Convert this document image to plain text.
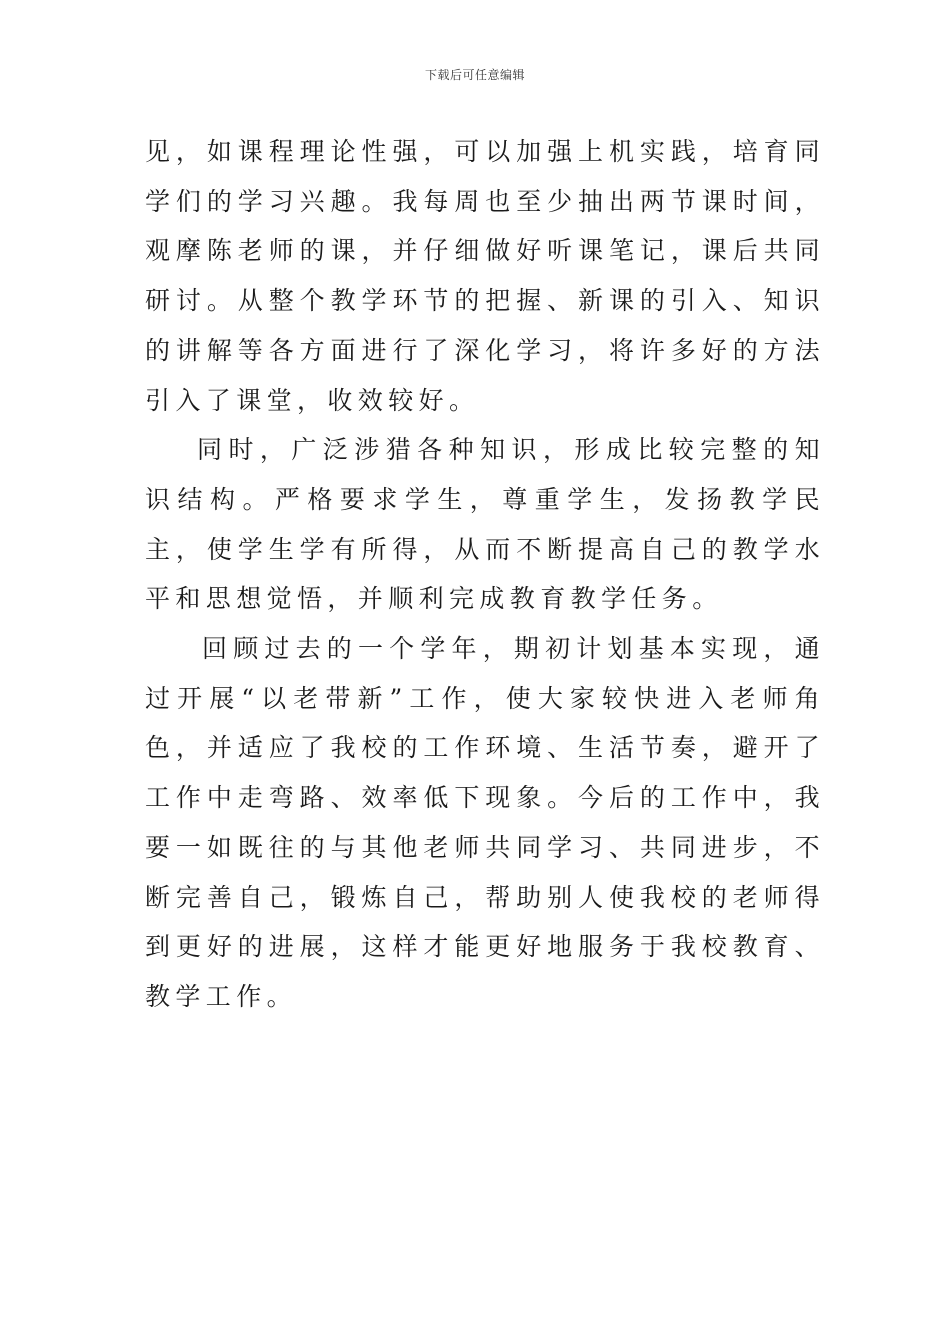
下载后可任意编辑

见，如课程理论性强，可以加强上机实践，培育同学们的学习兴趣。我每周也至少抽出两节课时间，观摩陈老师的课，并仔细做好听课笔记，课后共同研讨。从整个教学环节的把握、新课的引入、知识的讲解等各方面进行了深化学习，将许多好的方法引入了课堂，收效较好。

同时，广泛涉猎各种知识，形成比较完整的知识结构。严格要求学生，尊重学生，发扬教学民主，使学生学有所得，从而不断提高自己的教学水平和思想觉悟，并顺利完成教育教学任务。

回顾过去的一个学年，期初计划基本实现，通过开展“以老带新”工作，使大家较快进入老师角色，并适应了我校的工作环境、生活节奏，避开了工作中走弯路、效率低下现象。今后的工作中，我要一如既往的与其他老师共同学习、共同进步，不断完善自己，锻炼自己，帮助别人使我校的老师得到更好的进展，这样才能更好地服务于我校教育、教学工作。
